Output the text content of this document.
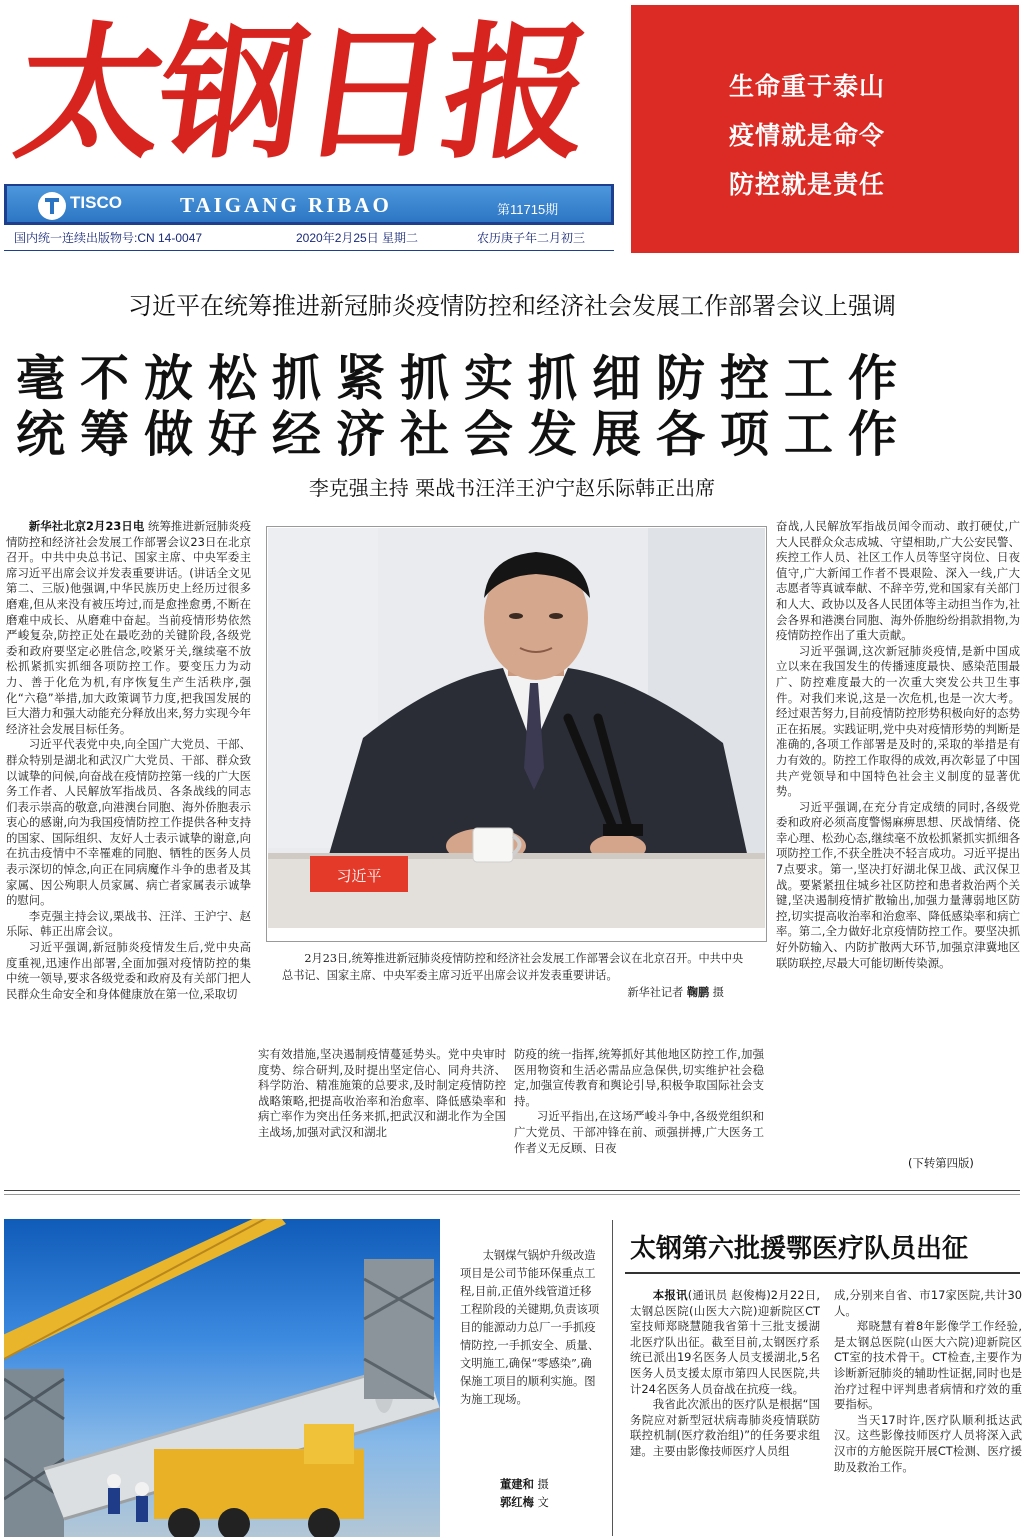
太钢日报
TISCO	TAIGANG RIBAO	第11715期
国内统一连续出版物号:CN 14-0047	2020年2月25日 星期二	农历庚子年二月初三
生命重于泰山
疫情就是命令
防控就是责任
习近平在统筹推进新冠肺炎疫情防控和经济社会发展工作部署会议上强调
毫不放松抓紧抓实抓细防控工作
统筹做好经济社会发展各项工作
李克强主持 栗战书汪洋王沪宁赵乐际韩正出席

新华社北京2月23日电 统筹推进新冠肺炎疫情防控和经济社会发展工作部署会议23日在北京召开。中共中央总书记、国家主席、中央军委主席习近平出席会议并发表重要讲话。(讲话全文见第二、三版)他强调,中华民族历史上经历过很多磨难,但从来没有被压垮过,而是愈挫愈勇,不断在磨难中成长、从磨难中奋起。当前疫情形势依然严峻复杂,防控正处在最吃劲的关键阶段,各级党委和政府要坚定必胜信念,咬紧牙关,继续毫不放松抓紧抓实抓细各项防控工作。要变压力为动力、善于化危为机,有序恢复生产生活秩序,强化“六稳”举措,加大政策调节力度,把我国发展的巨大潜力和强大动能充分释放出来,努力实现今年经济社会发展目标任务。

习近平代表党中央,向全国广大党员、干部、群众特别是湖北和武汉广大党员、干部、群众致以诚挚的问候,向奋战在疫情防控第一线的广大医务工作者、人民解放军指战员、各条战线的同志们表示崇高的敬意,向港澳台同胞、海外侨胞表示衷心的感谢,向为我国疫情防控工作提供各种支持的国家、国际组织、友好人士表示诚挚的谢意,向在抗击疫情中不幸罹难的同胞、牺牲的医务人员表示深切的悼念,向正在同病魔作斗争的患者及其家属、因公殉职人员家属、病亡者家属表示诚挚的慰问。

李克强主持会议,栗战书、汪洋、王沪宁、赵乐际、韩正出席会议。

习近平强调,新冠肺炎疫情发生后,党中央高度重视,迅速作出部署,全面加强对疫情防控的集中统一领导,要求各级党委和政府及有关部门把人民群众生命安全和身体健康放在第一位,采取切

习近平
2月23日,统筹推进新冠肺炎疫情防控和经济社会发展工作部署会议在北京召开。中共中央总书记、国家主席、中央军委主席习近平出席会议并发表重要讲话。
新华社记者 鞠鹏 摄

实有效措施,坚决遏制疫情蔓延势头。党中央审时度势、综合研判,及时提出坚定信心、同舟共济、科学防治、精准施策的总要求,及时制定疫情防控战略策略,把提高收治率和治愈率、降低感染率和病亡率作为突出任务来抓,把武汉和湖北作为全国主战场,加强对武汉和湖北

防疫的统一指挥,统筹抓好其他地区防控工作,加强医用物资和生活必需品应急保供,切实维护社会稳定,加强宣传教育和舆论引导,积极争取国际社会支持。

习近平指出,在这场严峻斗争中,各级党组织和广大党员、干部冲锋在前、顽强拼搏,广大医务工作者义无反顾、日夜

奋战,人民解放军指战员闻令而动、敢打硬仗,广大人民群众众志成城、守望相助,广大公安民警、疾控工作人员、社区工作人员等坚守岗位、日夜值守,广大新闻工作者不畏艰险、深入一线,广大志愿者等真诚奉献、不辞辛劳,党和国家有关部门和人大、政协以及各人民团体等主动担当作为,社会各界和港澳台同胞、海外侨胞纷纷捐款捐物,为疫情防控作出了重大贡献。

习近平强调,这次新冠肺炎疫情,是新中国成立以来在我国发生的传播速度最快、感染范围最广、防控难度最大的一次重大突发公共卫生事件。对我们来说,这是一次危机,也是一次大考。经过艰苦努力,目前疫情防控形势积极向好的态势正在拓展。实践证明,党中央对疫情形势的判断是准确的,各项工作部署是及时的,采取的举措是有力有效的。防控工作取得的成效,再次彰显了中国共产党领导和中国特色社会主义制度的显著优势。

习近平强调,在充分肯定成绩的同时,各级党委和政府必须高度警惕麻痹思想、厌战情绪、侥幸心理、松劲心态,继续毫不放松抓紧抓实抓细各项防控工作,不获全胜决不轻言成功。习近平提出7点要求。第一,坚决打好湖北保卫战、武汉保卫战。要紧紧扭住城乡社区防控和患者救治两个关键,坚决遏制疫情扩散输出,加强力量薄弱地区防控,切实提高收治率和治愈率、降低感染率和病亡率。第二,全力做好北京疫情防控工作。要坚决抓好外防输入、内防扩散两大环节,加强京津冀地区联防联控,尽最大可能切断传染源。

(下转第四版)
太钢煤气锅炉升级改造项目是公司节能环保重点工程,目前,正值外线管道迁移工程阶段的关键期,负责该项目的能源动力总厂一手抓疫情防控,一手抓安全、质量、文明施工,确保“零感染”,确保施工项目的顺利实施。图为施工现场。
董建和 摄
郭红梅 文
太钢第六批援鄂医疗队员出征

本报讯(通讯员 赵俊梅)2月22日,太钢总医院(山医大六院)迎新院区CT室技师郑晓慧随我省第十三批支援湖北医疗队出征。截至目前,太钢医疗系统已派出19名医务人员支援湖北,5名医务人员支援太原市第四人民医院,共计24名医务人员奋战在抗疫一线。

我省此次派出的医疗队是根据“国务院应对新型冠状病毒肺炎疫情联防联控机制(医疗救治组)”的任务要求组建。主要由影像技师医疗人员组

成,分别来自省、市17家医院,共计30人。

郑晓慧有着8年影像学工作经验,是太钢总医院(山医大六院)迎新院区CT室的技术骨干。CT检查,主要作为诊断新冠肺炎的辅助性证据,同时也是治疗过程中评判患者病情和疗效的重要指标。

当天17时许,医疗队顺利抵达武汉。这些影像技师医疗人员将深入武汉市的方舱医院开展CT检测、医疗援助及救治工作。
